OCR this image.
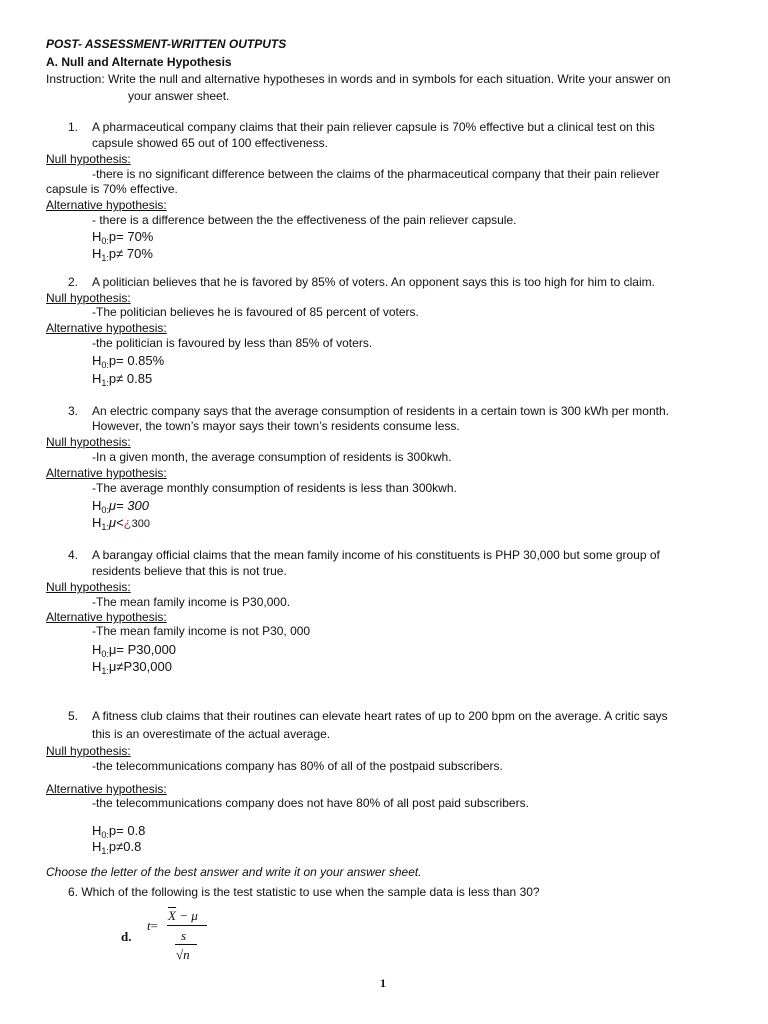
POST- ASSESSMENT-WRITTEN OUTPUTS
A. Null and Alternate Hypothesis
Instruction: Write the null and alternative hypotheses in words and in symbols for each situation. Write your answer on
your answer sheet.
1. A pharmaceutical company claims that their pain reliever capsule is 70% effective but a clinical test on this
capsule showed 65 out of 100 effectiveness.
Null hypothesis:
-there is no significant difference between the claims of the pharmaceutical company that their pain reliever
capsule is 70% effective.
Alternative hypothesis:
- there is a difference between the the effectiveness of the pain reliever capsule.
$H_{0:}p= 70\%$
$H_{1:}p\ne 70\%$
2. A politician believes that he is favored by 85% of voters. An opponent says this is too high for him to claim.
Null hypothesis:
-The politician believes he is favoured of 85 percent of voters.
Alternative hypothesis:
-the politician is favoured by less than 85% of voters.
$H_{0:}p= 0.85\%$
$H_{1:}p\ne 0.85$
3. An electric company says that the average consumption of residents in a certain town is 300 kWh per month.
However, the town’s mayor says their town’s residents consume less.
Null hypothesis:
-In a given month, the average consumption of residents is 300kwh.
Alternative hypothesis:
-The average monthly consumption of residents is less than 300kwh.
$H_{0:}\mu= 300$
$H_{1:}\mu<¿300$
4. A barangay official claims that the mean family income of his constituents is PHP 30,000 but some group of
residents believe that this is not true.
Null hypothesis:
-The mean family income is P30,000.
Alternative hypothesis:
-The mean family income is not P30, 000
$H_{0:}\mu= P30,000$
$H_{1:}\mu\ne P30,000$
5. A fitness club claims that their routines can elevate heart rates of up to 200 bpm on the average. A critic says
this is an overestimate of the actual average.
Null hypothesis:
-the telecommunications company has 80% of all of the postpaid subscribers.
Alternative hypothesis:
-the telecommunications company does not have 80% of all post paid subscribers.
$H_{0:}p= 0.8$
$H_{1:}p\ne 0.8$
Choose the letter of the best answer and write it on your answer sheet.
6. Which of the following is the test statistic to use when the sample data is less than 30?
d.
t=
$\overline{X} - \mu$
s
√n
1
